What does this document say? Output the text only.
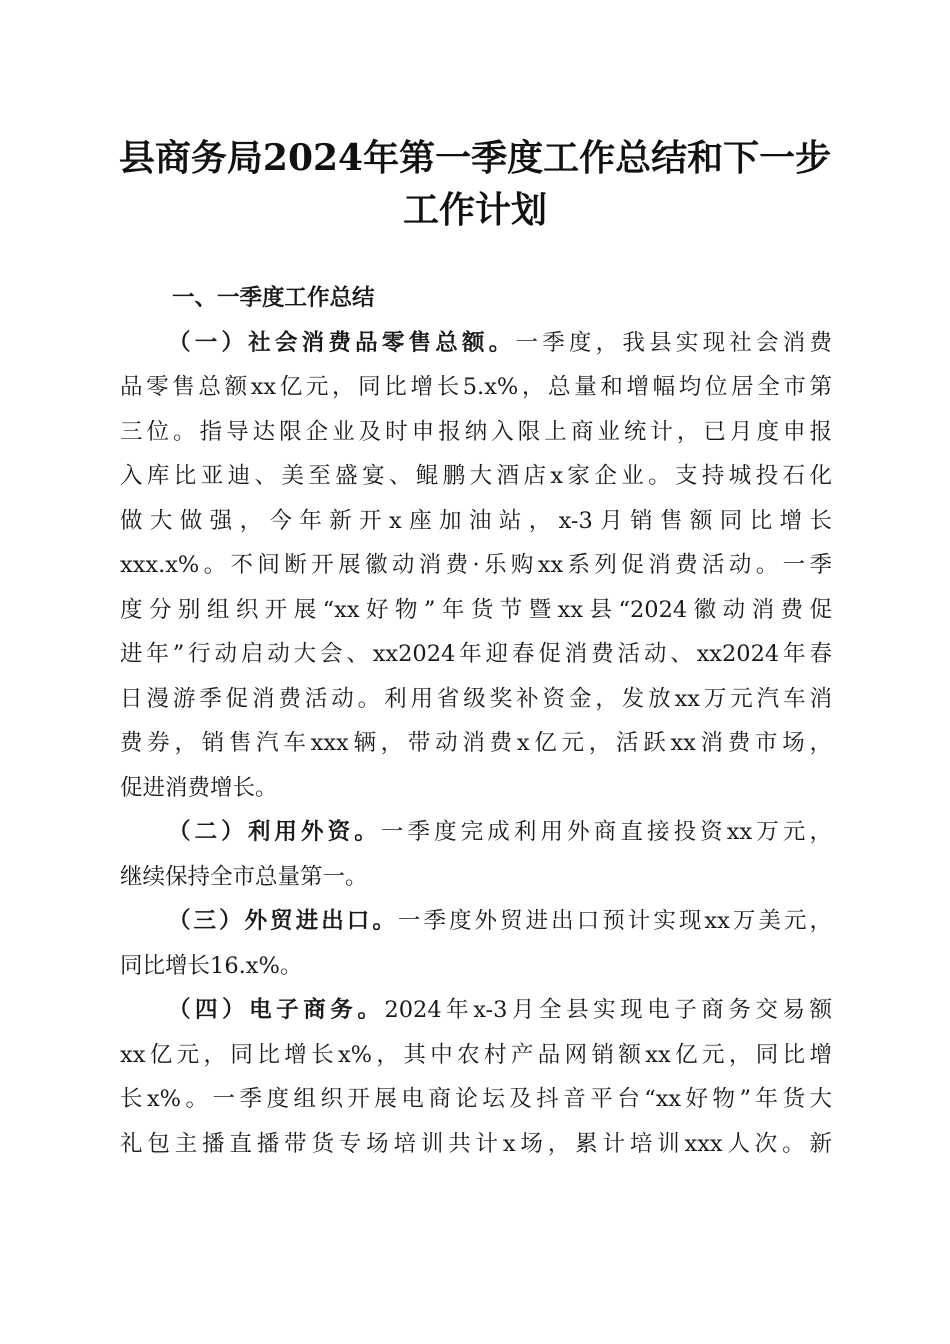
县商务局2024年第一季度工作总结和下一步
工作计划
一、一季度工作总结
（一）社会消费品零售总额。一季度，我县实现社会消费
品零售总额xx亿元，同比增长5.x%，总量和增幅均位居全市第
三位。指导达限企业及时申报纳入限上商业统计，已月度申报
入库比亚迪、美至盛宴、鲲鹏大酒店x家企业。支持城投石化
做大做强，今年新开x座加油站，x-3月销售额同比增长
xxx.x%。不间断开展徽动消费·乐购xx系列促消费活动。一季
度分别组织开展“xx好物”年货节暨xx县“2024徽动消费促
进年”行动启动大会、xx2024年迎春促消费活动、xx2024年春
日漫游季促消费活动。利用省级奖补资金，发放xx万元汽车消
费券，销售汽车xxx辆，带动消费x亿元，活跃xx消费市场，
促进消费增长。
（二）利用外资。一季度完成利用外商直接投资xx万元，
继续保持全市总量第一。
（三）外贸进出口。一季度外贸进出口预计实现xx万美元，
同比增长16.x%。
（四）电子商务。2024年x-3月全县实现电子商务交易额
xx亿元，同比增长x%，其中农村产品网销额xx亿元，同比增
长x%。一季度组织开展电商论坛及抖音平台“xx好物”年货大
礼包主播直播带货专场培训共计x场，累计培训xxx人次。新
